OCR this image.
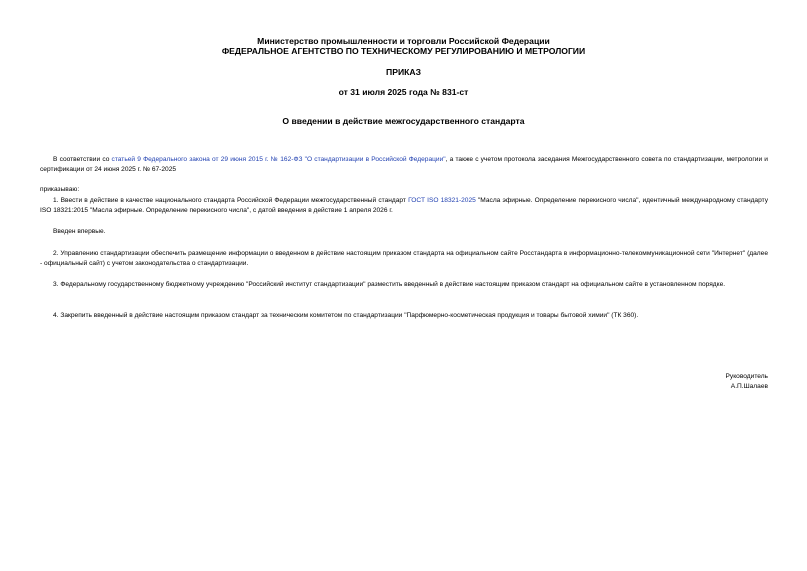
Министерство промышленности и торговли Российской Федерации
ФЕДЕРАЛЬНОЕ АГЕНТСТВО ПО ТЕХНИЧЕСКОМУ РЕГУЛИРОВАНИЮ И МЕТРОЛОГИИ
ПРИКАЗ
от 31 июля 2025 года № 831-ст
О введении в действие межгосударственного стандарта
В соответствии со статьей 9 Федерального закона от 29 июня 2015 г. № 162-ФЗ "О стандартизации в Российской Федерации", а также с учетом протокола заседания Межгосударственного совета по стандартизации, метрологии и сертификации от 24 июня 2025 г. № 67-2025
приказываю:
1. Ввести в действие в качестве национального стандарта Российской Федерации межгосударственный стандарт ГОСТ ISO 18321-2025 "Масла эфирные. Определение перекисного числа", идентичный международному стандарту ISO 18321:2015 "Масла эфирные. Определение перекисного числа", с датой введения в действие 1 апреля 2026 г.
Введен впервые.
2. Управлению стандартизации обеспечить размещение информации о введенном в действие настоящим приказом стандарта на официальном сайте Росстандарта в информационно-телекоммуникационной сети "Интернет" (далее - официальный сайт) с учетом законодательства о стандартизации.
3. Федеральному государственному бюджетному учреждению "Российский институт стандартизации" разместить введенный в действие настоящим приказом стандарт на официальном сайте в установленном порядке.
4. Закрепить введенный в действие настоящим приказом стандарт за техническим комитетом по стандартизации "Парфюмерно-косметическая продукция и товары бытовой химии" (ТК 360).
Руководитель
А.П.Шалаев
